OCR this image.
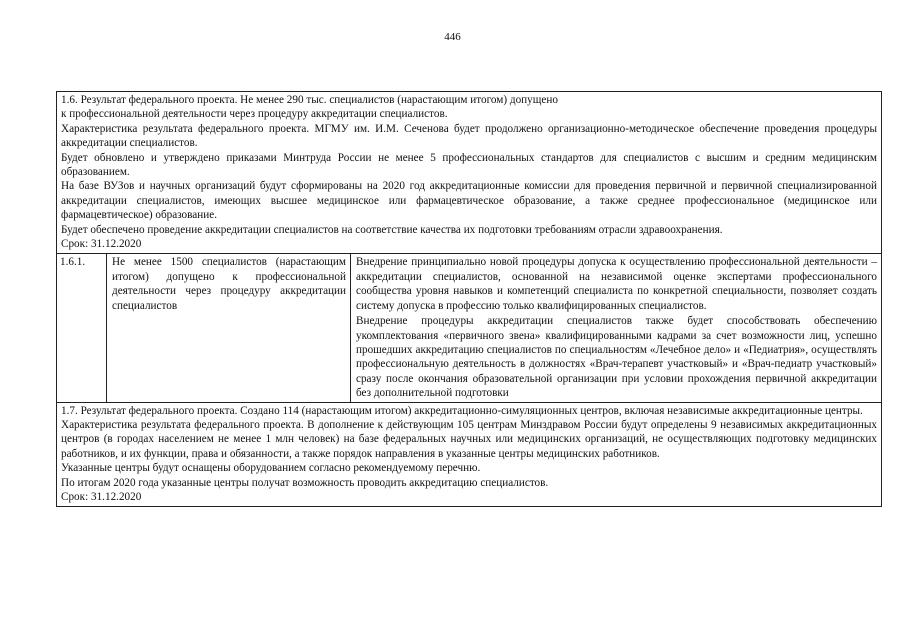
446

1.6. Результат федерального проекта. Не менее 290 тыс. специалистов (нарастающим итогом) допущено

к профессиональной деятельности через процедуру аккредитации специалистов.

Характеристика результата федерального проекта. МГМУ им. И.М. Сеченова будет продолжено организационно-методическое обеспечение проведения процедуры аккредитации специалистов.

Будет обновлено и утверждено приказами Минтруда России не менее 5 профессиональных стандартов для специалистов с высшим и средним медицинским образованием.

На базе ВУЗов и научных организаций будут сформированы на 2020 год аккредитационные комиссии для проведения первичной и первичной специализированной аккредитации специалистов, имеющих высшее медицинское или фармацевтическое образование, а также среднее профессиональное (медицинское или фармацевтическое) образование.

Будет обеспечено проведение аккредитации специалистов на соответствие качества их подготовки требованиям отрасли здравоохранения.

Срок: 31.12.2020

1.6.1.	Не менее 1500 специалистов (нарастающим итогом) допущено к профессиональной деятельности через процедуру аккредитации специалистов

Внедрение принципиально новой процедуры допуска к осуществлению профессиональной деятельности – аккредитации специалистов, основанной на независимой оценке экспертами профессионального сообщества уровня навыков и компетенций специалиста по конкретной специальности, позволяет создать систему допуска в профессию только квалифицированных специалистов.

Внедрение процедуры аккредитации специалистов также будет способствовать обеспечению укомплектования «первичного звена» квалифицированными кадрами за счет возможности лиц, успешно прошедших аккредитацию специалистов по специальностям «Лечебное дело» и «Педиатрия», осуществлять профессиональную деятельность в должностях «Врач-терапевт участковый» и «Врач-педиатр участковый» сразу после окончания образовательной организации при условии прохождения первичной аккредитации без дополнительной подготовки

1.7. Результат федерального проекта. Создано 114 (нарастающим итогом) аккредитационно-симуляционных центров, включая независимые аккредитационные центры.

Характеристика результата федерального проекта. В дополнение к действующим 105 центрам Минздравом России будут определены 9 независимых аккредитационных центров (в городах населением не менее 1 млн человек) на базе федеральных научных или медицинских организаций, не осуществляющих подготовку медицинских работников, и их функции, права и обязанности, а также порядок направления в указанные центры медицинских работников.

Указанные центры будут оснащены оборудованием согласно рекомендуемому перечню.

По итогам 2020 года указанные центры получат возможность проводить аккредитацию специалистов.

Срок: 31.12.2020
